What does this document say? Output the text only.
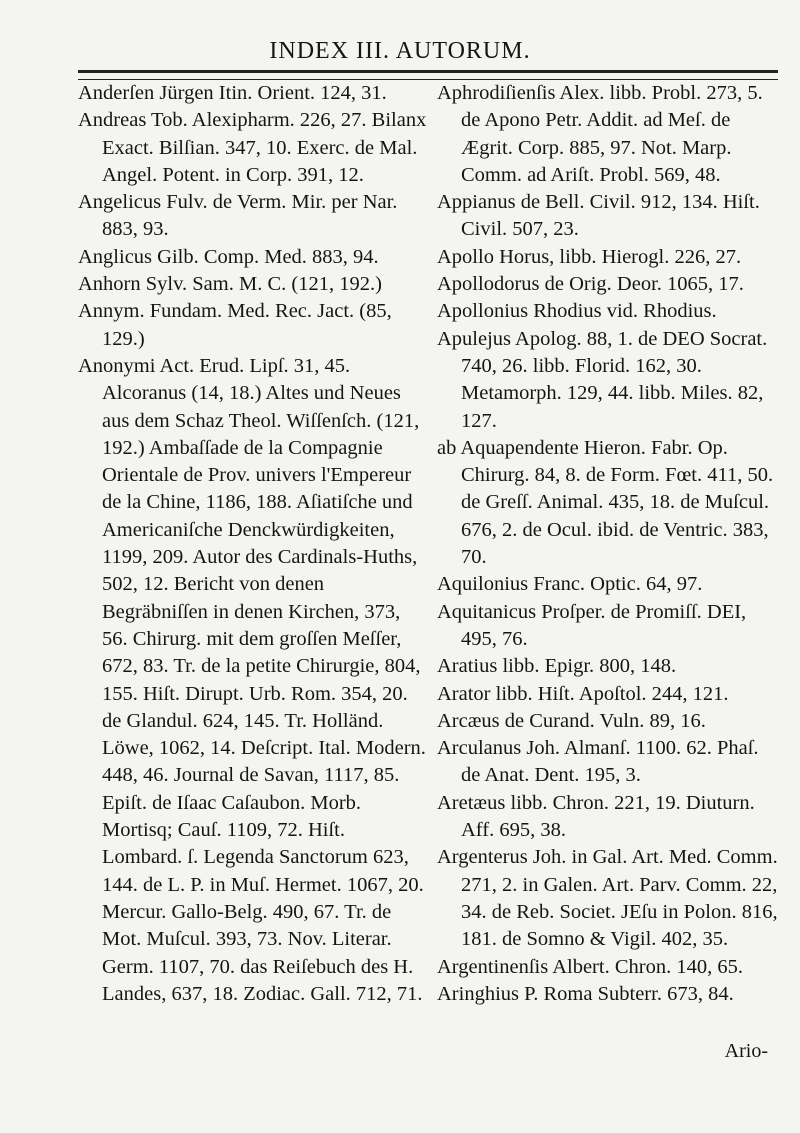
INDEX III. AUTORUM.

Anderſen Jürgen Itin. Orient. 124, 31.

Andreas Tob. Alexipharm. 226, 27. Bilanx Exact. Bilſian. 347, 10. Exerc. de Mal. Angel. Potent. in Corp. 391, 12.

Angelicus Fulv. de Verm. Mir. per Nar. 883, 93.

Anglicus Gilb. Comp. Med. 883, 94.

Anhorn Sylv. Sam. M. C. (121, 192.)

Annym. Fundam. Med. Rec. Jact. (85, 129.)

Anonymi Act. Erud. Lipſ. 31, 45. Alcoranus (14, 18.) Altes und Neues aus dem Schaz Theol. Wiſſenſch. (121, 192.) Ambaſſade de la Compagnie Orientale de Prov. univers l'Empereur de la Chine, 1186, 188. Aſiatiſche und Americaniſche Denckwürdigkeiten, 1199, 209. Autor des Cardinals-Huths, 502, 12. Bericht von denen Begräbniſſen in denen Kirchen, 373, 56. Chirurg. mit dem groſſen Meſſer, 672, 83. Tr. de la petite Chirurgie, 804, 155. Hiſt. Dirupt. Urb. Rom. 354, 20. de Glandul. 624, 145. Tr. Holländ. Löwe, 1062, 14. Deſcript. Ital. Modern. 448, 46. Journal de Savan, 1117, 85. Epiſt. de Iſaac Caſaubon. Morb. Mortisq; Cauſ. 1109, 72. Hiſt. Lombard. ſ. Legenda Sanctorum 623, 144. de L. P. in Muſ. Hermet. 1067, 20. Mercur. Gallo-Belg. 490, 67. Tr. de Mot. Muſcul. 393, 73. Nov. Literar. Germ. 1107, 70. das Reiſebuch des H. Landes, 637, 18. Zodiac. Gall. 712, 71.

Aphrodiſienſis Alex. libb. Probl. 273, 5. de Apono Petr. Addit. ad Meſ. de Ægrit. Corp. 885, 97. Not. Marp. Comm. ad Ariſt. Probl. 569, 48.

Appianus de Bell. Civil. 912, 134. Hiſt. Civil. 507, 23.

Apollo Horus, libb. Hierogl. 226, 27.

Apollodorus de Orig. Deor. 1065, 17.

Apollonius Rhodius vid. Rhodius.

Apulejus Apolog. 88, 1. de DEO Socrat. 740, 26. libb. Florid. 162, 30. Metamorph. 129, 44. libb. Miles. 82, 127.

ab Aquapendente Hieron. Fabr. Op. Chirurg. 84, 8. de Form. Fœt. 411, 50. de Greſſ. Animal. 435, 18. de Muſcul. 676, 2. de Ocul. ibid. de Ventric. 383, 70.

Aquilonius Franc. Optic. 64, 97.

Aquitanicus Proſper. de Promiſſ. DEI, 495, 76.

Aratius libb. Epigr. 800, 148.

Arator libb. Hiſt. Apoſtol. 244, 121.

Arcæus de Curand. Vuln. 89, 16.

Arculanus Joh. Almanſ. 1100. 62. Phaſ. de Anat. Dent. 195, 3.

Aretæus libb. Chron. 221, 19. Diuturn. Aff. 695, 38.

Argenterus Joh. in Gal. Art. Med. Comm. 271, 2. in Galen. Art. Parv. Comm. 22, 34. de Reb. Societ. JEſu in Polon. 816, 181. de Somno & Vigil. 402, 35.

Argentinenſis Albert. Chron. 140, 65.

Aringhius P. Roma Subterr. 673, 84.

Ario-
